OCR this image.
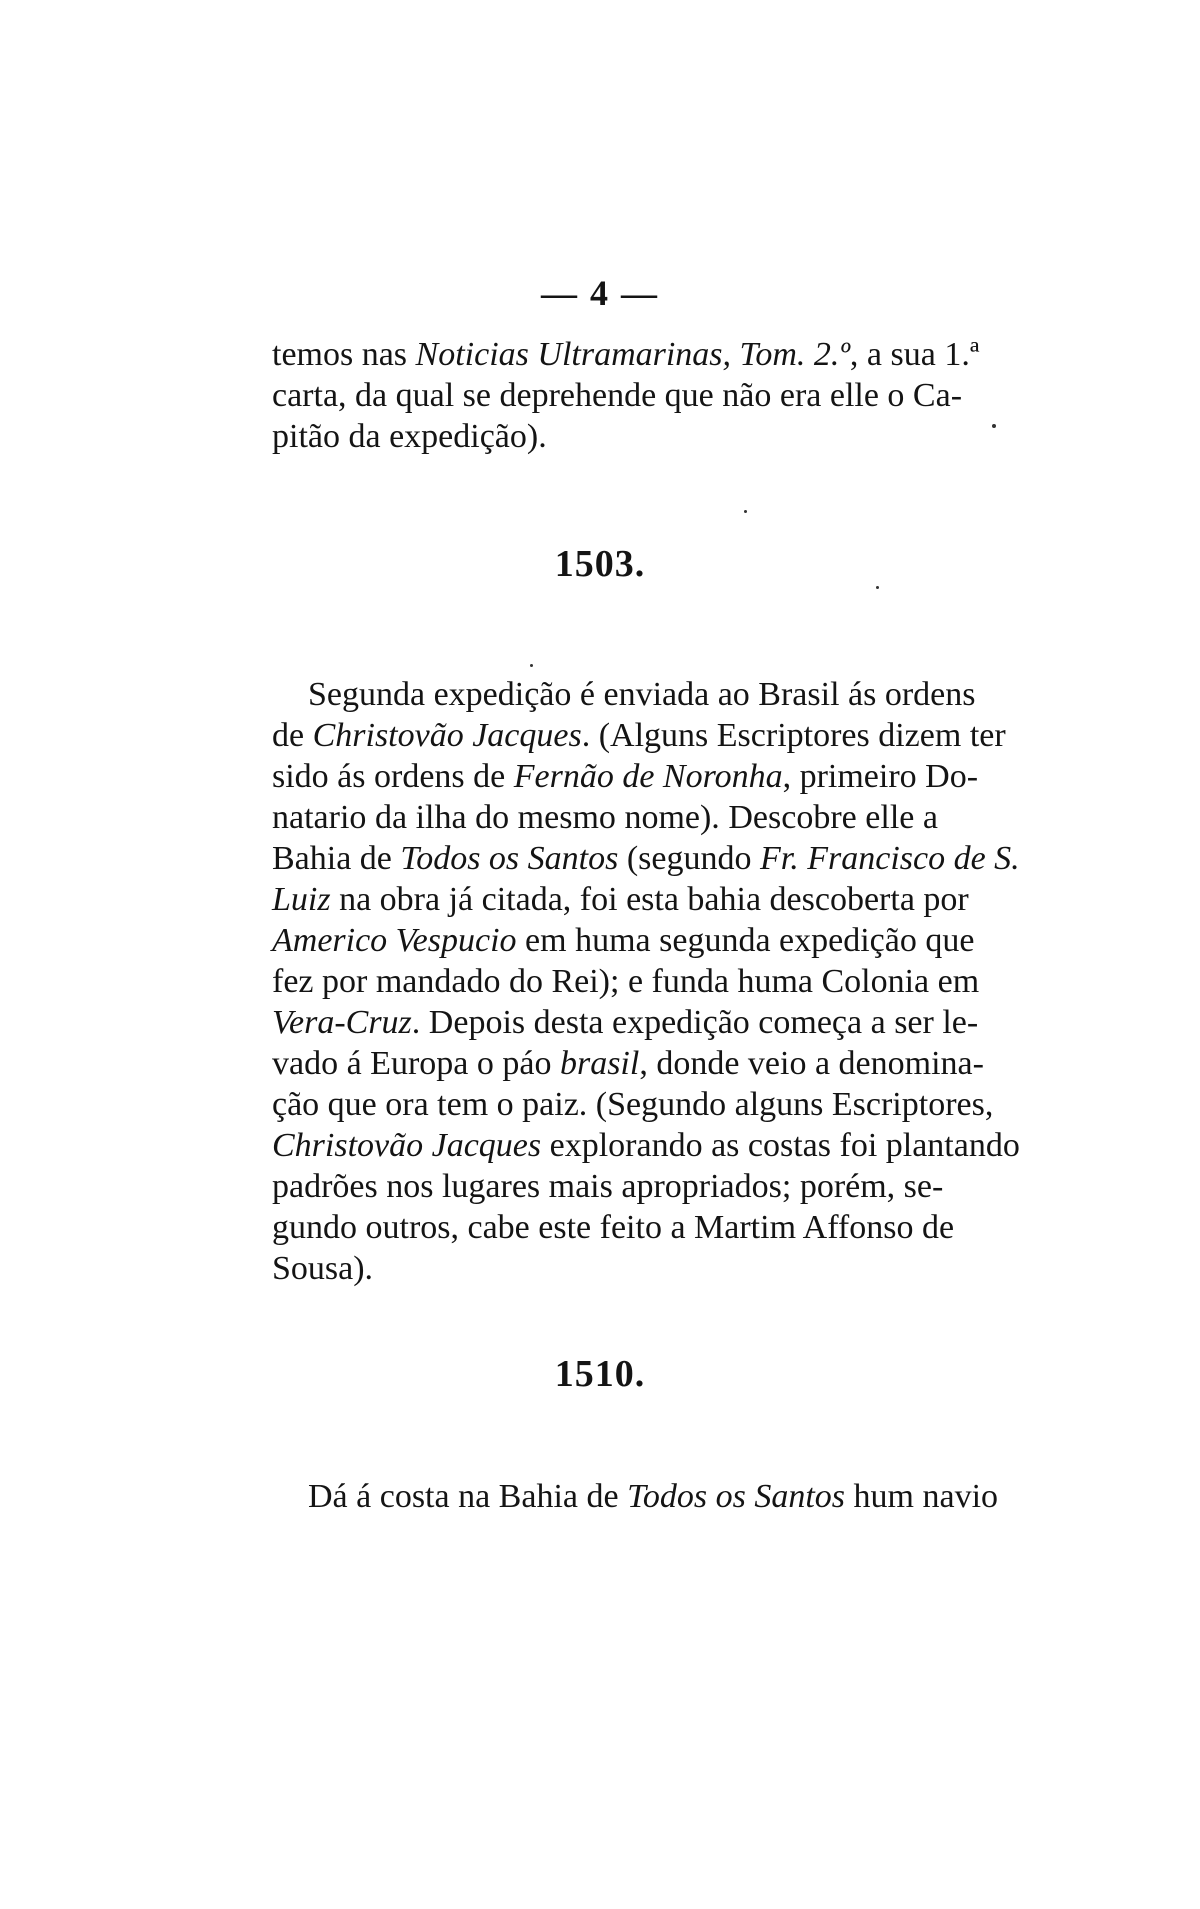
— 4 —
temos nas Noticias Ultramarinas, Tom. 2.º, a sua 1.ª
carta, da qual se deprehende que não era elle o Ca-
pitão da expedição).
1503.
Segunda expedição é enviada ao Brasil ás ordens
de Christovão Jacques. (Alguns Escriptores dizem ter
sido ás ordens de Fernão de Noronha, primeiro Do-
natario da ilha do mesmo nome). Descobre elle a
Bahia de Todos os Santos (segundo Fr. Francisco de S.
Luiz na obra já citada, foi esta bahia descoberta por
Americo Vespucio em huma segunda expedição que
fez por mandado do Rei); e funda huma Colonia em
Vera-Cruz. Depois desta expedição começa a ser le-
vado á Europa o páo brasil, donde veio a denomina-
ção que ora tem o paiz. (Segundo alguns Escriptores,
Christovão Jacques explorando as costas foi plantando
padrões nos lugares mais apropriados; porém, se-
gundo outros, cabe este feito a Martim Affonso de
Sousa).
1510.
Dá á costa na Bahia de Todos os Santos hum navio
